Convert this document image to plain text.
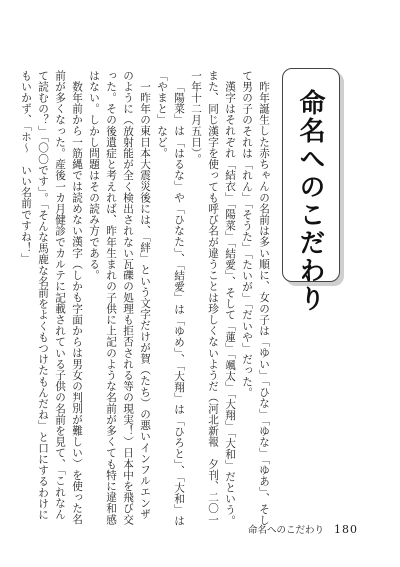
命名へのこだわり

昨年誕生した赤ちゃんの名前は多い順に、女の子は「ゆい」「ひな」「ゆな」「ゆあ」、そして男の子のそれは「れん」「そうた」「たいが」「だいや」だった。

漢字はそれぞれ「結衣」「陽菜」「結愛」、そして「蓮」「颯太」「大翔」「大和」だという。また、同じ漢字を使っても呼び名が違うことは珍しくないようだ（河北新報　夕刊、二〇一一年十二月五日）。

「陽菜」は「はるな」や「ひなた」、「結愛」は「ゆめ」、「大翔」は「ひろと」、「大和」は「やまと」など。

一昨年の東日本大震災後には、「絆」という文字だけが賀（たち）の悪いインフルエンザのように（放射能が全く検出されない瓦礫の処理も拒否される等の現実！）日本中を飛び交った。その後遺症と考えれば、昨年生まれの子供に上記のような名前が多くても特に違和感はない。しかし問題はその読み方である。

数年前から一筋縄では読めない漢字（しかも字面からは男女の判別が難しい）を使った名前が多くなった。産後一カ月健診でカルテに記載されている子供の名前を見て、「これなんて読むの？」「〇〇です」。「そんな馬鹿な名前をよくもつけたもんだね」と口にするわけにもいかず、「ホ〜　いい名前ですね！」

命名へのこだわり 180
